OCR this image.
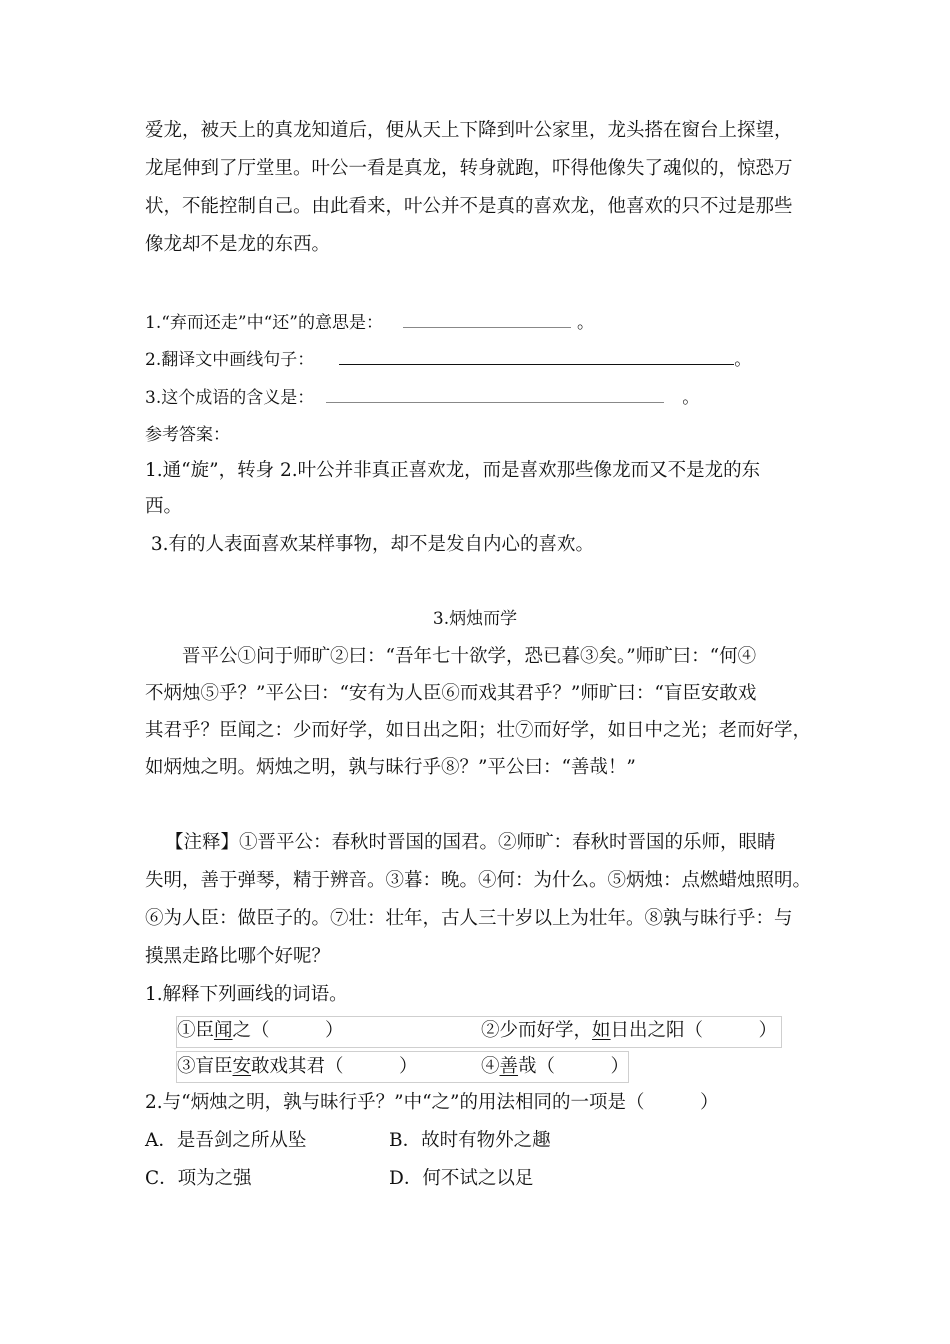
爱龙，被天上的真龙知道后，便从天上下降到叶公家里，龙头搭在窗台上探望，
龙尾伸到了厅堂里。叶公一看是真龙，转身就跑，吓得他像失了魂似的，惊恐万
状，不能控制自己。由此看来，叶公并不是真的喜欢龙，他喜欢的只不过是那些
像龙却不是龙的东西。
1.“弃而还走”中“还”的意思是：	。
2.翻译文中画线句子：	。
3.这个成语的含义是：	。
参考答案：
1.通“旋”，转身 2.叶公并非真正喜欢龙，而是喜欢那些像龙而又不是龙的东
西。
3.有的人表面喜欢某样事物，却不是发自内心的喜欢。
3.炳烛而学
晋平公①问于师旷②曰：“吾年七十欲学，恐已暮③矣。”师旷曰：“何④
不炳烛⑤乎？”平公曰：“安有为人臣⑥而戏其君乎？”师旷曰：“盲臣安敢戏
其君乎？臣闻之：少而好学，如日出之阳；壮⑦而好学，如日中之光；老而好学，
如炳烛之明。炳烛之明，孰与昧行乎⑧？”平公曰：“善哉！”
【注释】①晋平公：春秋时晋国的国君。②师旷：春秋时晋国的乐师，眼睛
失明，善于弹琴，精于辨音。③暮：晚。④何：为什么。⑤炳烛：点燃蜡烛照明。
⑥为人臣：做臣子的。⑦壮：壮年，古人三十岁以上为壮年。⑧孰与昧行乎：与
摸黑走路比哪个好呢？
1.解释下列画线的词语。
①臣闻之（　　　）	②少而好学，如日出之阳（　　　）
③盲臣安敢戏其君（　　　）	④善哉（　　　）
2.与“炳烛之明，孰与昧行乎？”中“之”的用法相同的一项是（　　　）
A．是吾剑之所从坠	B．故时有物外之趣
C．项为之强	D．何不试之以足
